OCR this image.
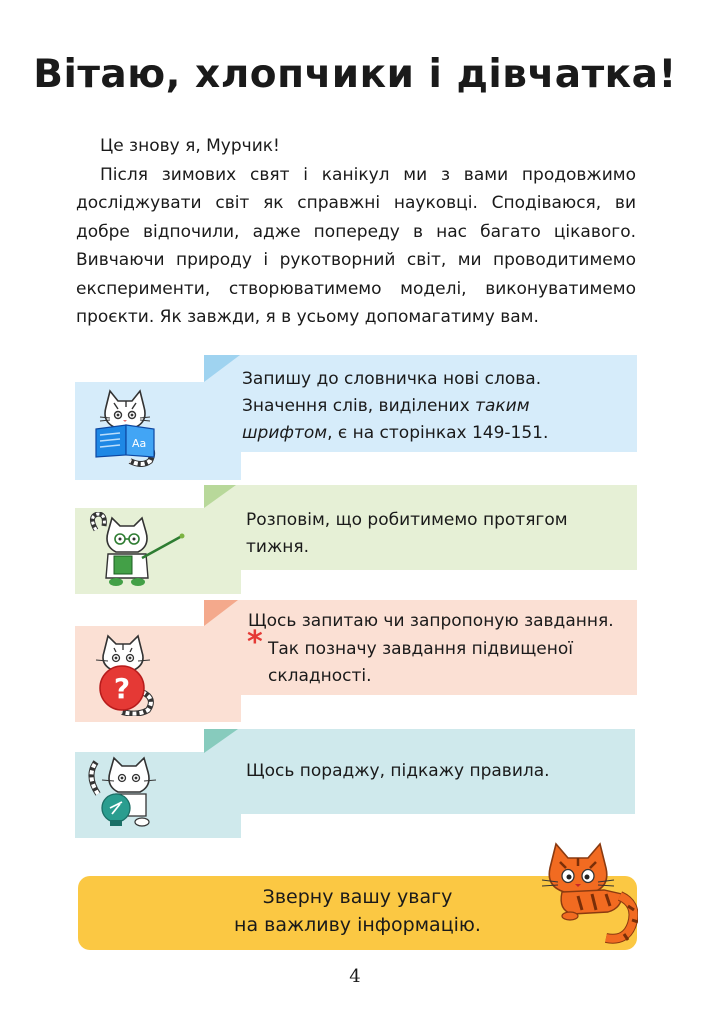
Вітаю, хлопчики і дівчатка!

Це знову я, Мурчик!

Після зимових свят і канікул ми з вами продовжимо досліджувати світ як справжні науковці. Сподіваюся, ви добре відпочили, адже попереду в нас багато цікавого. Вивчаючи природу і рукотворний світ, ми проводитимемо експерименти, створюватимемо моделі, виконуватимемо проєкти. Як завжди, я в усьому допомагатиму вам.

Запишу до словничка нові слова.
Значення слів, виділених таким
шрифтом, є на сторінках 149-151.
Aa
Розповім, що робитимемо протягом
тижня.
Щось запитаю чи запропоную завдання.
* Так позначу завдання підвищеної
складності.
?
Щось пораджу, підкажу правила.
Зверну вашу увагу
на важливу інформацію.
4
